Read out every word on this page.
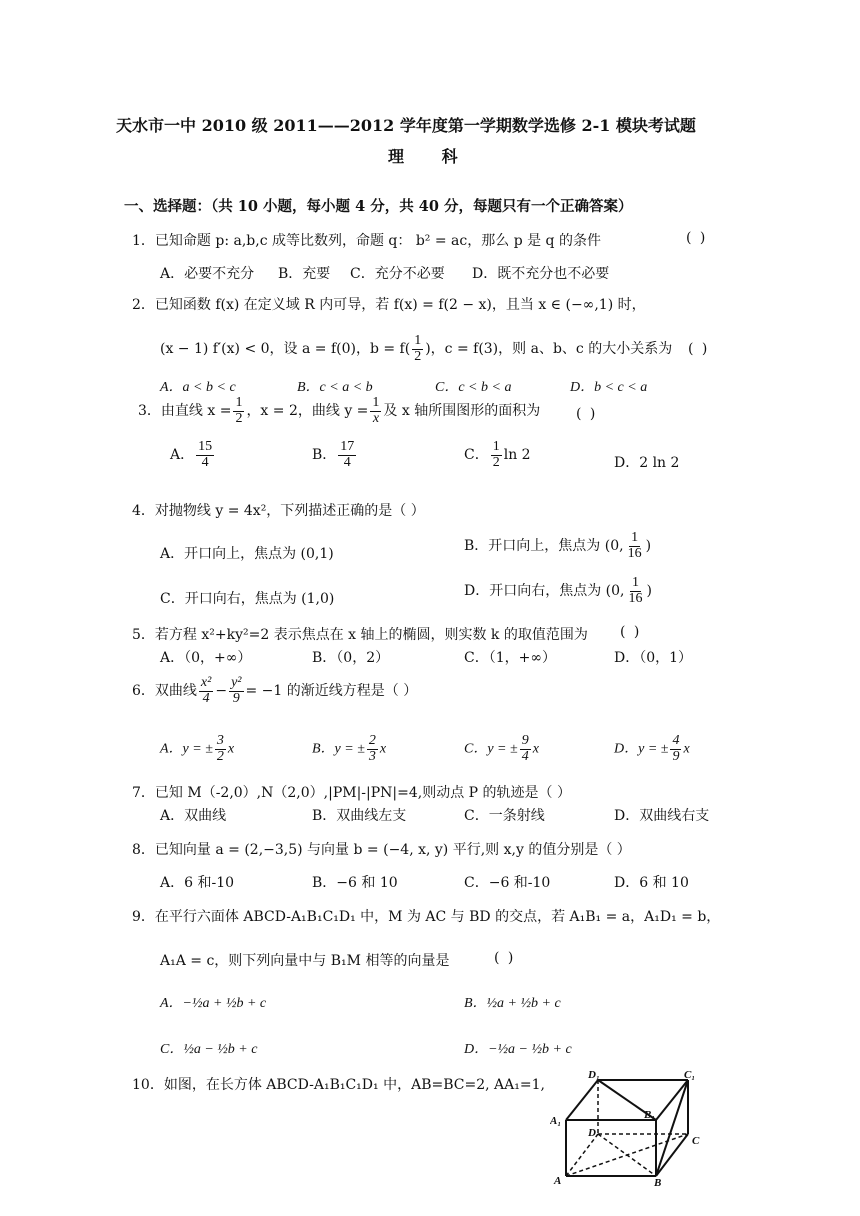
天水市一中 2010 级 2011——2012 学年度第一学期数学选修 2-1 模块考试题
理 科
一、选择题：（共 10 小题，每小题 4 分，共 40 分，每题只有一个正确答案）
1．已知命题 p: a,b,c 成等比数列，命题 q： b² = ac，那么 p 是 q 的条件	( )
A．必要不充分 B．充要 C．充分不必要 D．既不充分也不必要
2．已知函数 f(x) 在定义域 R 内可导，若 f(x) = f(2 − x)，且当 x ∈ (−∞,1) 时，
(x − 1) f′(x) < 0，设 a = f(0)，$b = f( \frac{1}{2}$ )，c = f(3)，则 a、b、c 的大小关系为 ( )
A．a < b < c	B．c < a < b	C．c < b < a	D．b < c < a
3．由直线 $x = \frac{1}{2}$ ，x = 2，曲线 $y = \frac{1}{x}$ 及 x 轴所围图形的面积为	( )
A． $\frac{15}{4}$	B． $\frac{17}{4}$	C． $\frac{1}{2}$ ln 2	D．2 ln 2
4．对抛物线 y = 4x²，下列描述正确的是（ ）
A．开口向上，焦点为 (0,1)	B．开口向上，焦点为 (0, $\frac{1}{16}$ )
C．开口向右，焦点为 (1,0)	D．开口向右，焦点为 (0, $\frac{1}{16}$ )
5．若方程 x²+ky²=2 表示焦点在 x 轴上的椭圆，则实数 k 的取值范围为 ( )
A．（0，+∞）	B．（0，2）	C．（1，+∞）	D．（0，1）
6．双曲线 $\frac{\text{x²}}{4} - \frac{\text{y²}}{9} = -1$ 的渐近线方程是（ ）
A．y = ± $\frac{3}{2}$ x	B．y = ± $\frac{2}{3}$ x	C．y = ± $\frac{9}{4}$ x	D．y = ± $\frac{4}{9}$ x
7．已知 M（-2,0）,N（2,0）,|PM|-|PN|=4,则动点 P 的轨迹是（ ）
A．双曲线	B．双曲线左支	C．一条射线	D．双曲线右支
8．已知向量 a = (2,−3,5) 与向量 b = (−4, x, y) 平行,则 x,y 的值分别是（ ）
A．6 和-10	B．−6 和 10	C．−6 和-10	D．6 和 10
9．在平行六面体 ABCD-A₁B₁C₁D₁ 中，M 为 AC 与 BD 的交点，若 A₁B₁ = a，A₁D₁ = b，
A₁A = c，则下列向量中与 B₁M 相等的向量是	( )
A．−½a + ½b + c	B．½a + ½b + c
C．½a − ½b + c	D．−½a − ½b + c
10．如图，在长方体 ABCD-A₁B₁C₁D₁ 中，AB=BC=2, AA₁=1,
D₁	C₁
B₁
A₁
D
C
A	B
